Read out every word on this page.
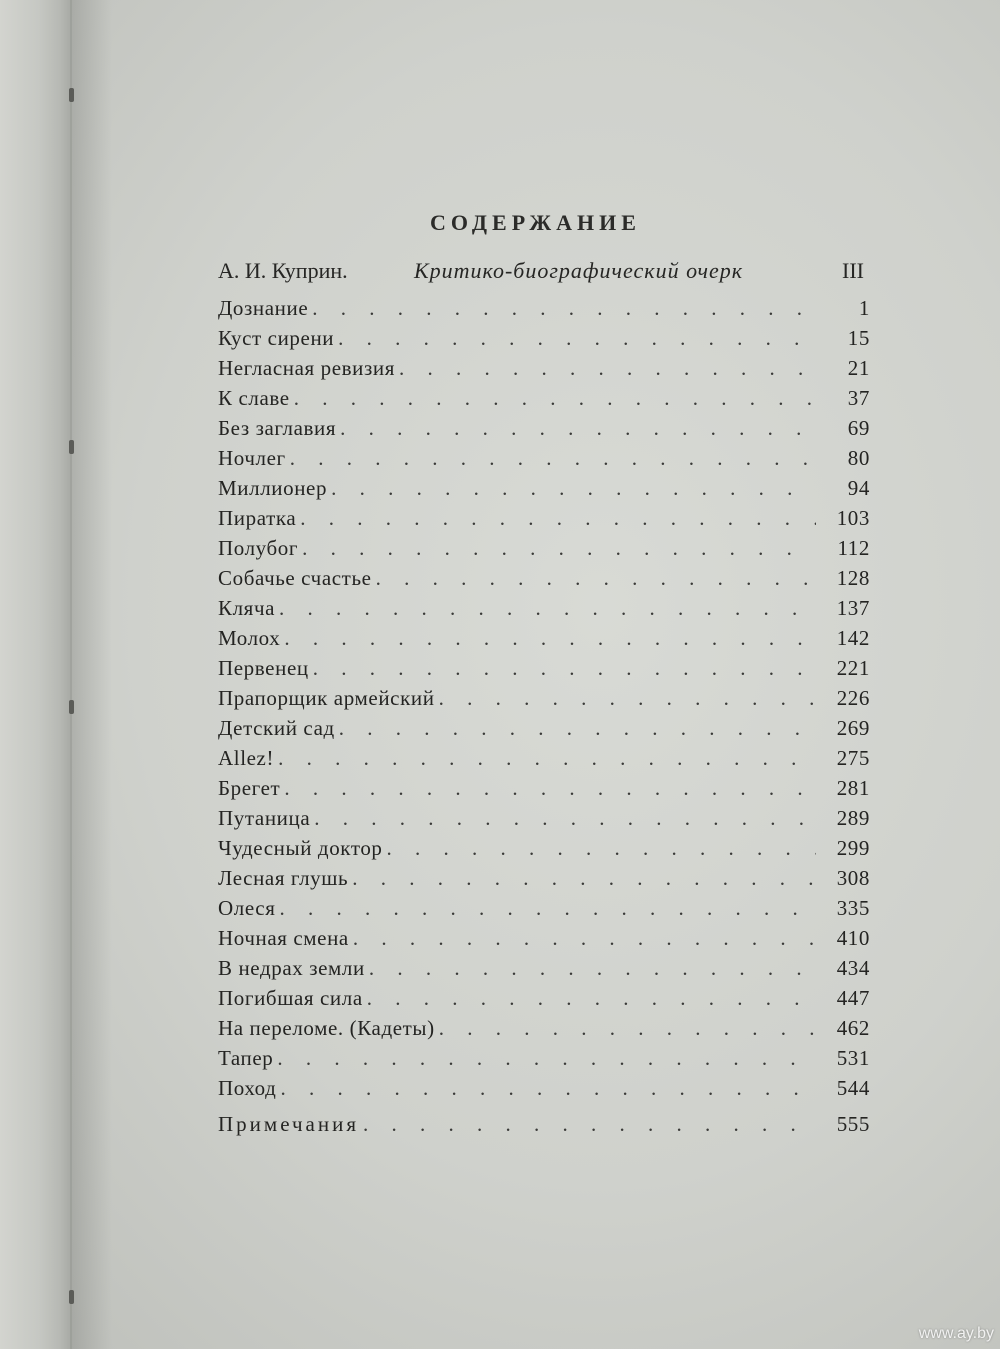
СОДЕРЖАНИЕ
А. И. Куприн.	Критико-биографический очерк	III
Дознание . . .	1
Куст сирени . . .	15
Негласная ревизия . . .	21
К славе . . .	37
Без заглавия . . .	69
Ночлег . . .	80
Миллионер . . .	94
Пиратка . . .	103
Полубог . . .	112
Собачье счастье . . .	128
Кляча . . .	137
Молох . . .	142
Первенец . . .	221
Прапорщик армейский . . .	226
Детский сад . . .	269
Allez! . . .	275
Брегет . . .	281
Путаница . . .	289
Чудесный доктор . . .	299
Лесная глушь . . .	308
Олеся . . .	335
Ночная смена . . .	410
В недрах земли . . .	434
Погибшая сила . . .	447
На переломе. (Кадеты) . . .	462
Тапер . . .	531
Поход . . .	544
Примечания . . .	555
www.ay.by
